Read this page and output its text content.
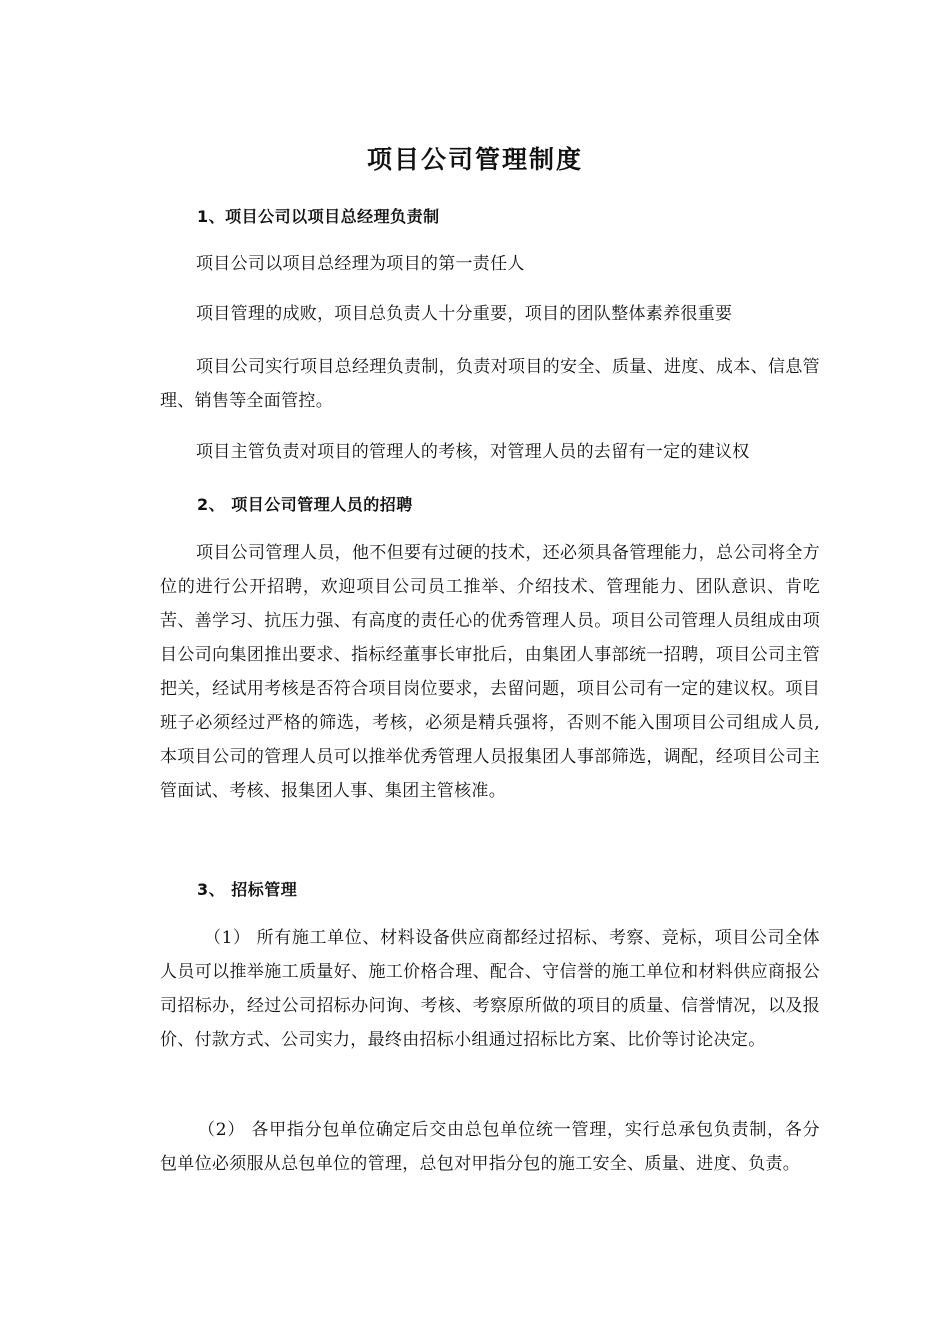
项目公司管理制度
1、项目公司以项目总经理负责制

项目公司以项目总经理为项目的第一责任人

项目管理的成败，项目总负责人十分重要，项目的团队整体素养很重要

项目公司实行项目总经理负责制，负责对项目的安全、质量、进度、成本、信息管理、销售等全面管控。

项目主管负责对项目的管理人的考核，对管理人员的去留有一定的建议权

2、 项目公司管理人员的招聘

项目公司管理人员，他不但要有过硬的技术，还必须具备管理能力，总公司将全方位的进行公开招聘，欢迎项目公司员工推举、介绍技术、管理能力、团队意识、肯吃苦、善学习、抗压力强、有高度的责任心的优秀管理人员。项目公司管理人员组成由项目公司向集团推出要求、指标经董事长审批后，由集团人事部统一招聘，项目公司主管把关，经试用考核是否符合项目岗位要求，去留问题，项目公司有一定的建议权。项目班子必须经过严格的筛选，考核，必须是精兵强将，否则不能入围项目公司组成人员,本项目公司的管理人员可以推举优秀管理人员报集团人事部筛选，调配，经项目公司主管面试、考核、报集团人事、集团主管核准。

3、 招标管理

（1） 所有施工单位、材料设备供应商都经过招标、考察、竞标，项目公司全体人员可以推举施工质量好、施工价格合理、配合、守信誉的施工单位和材料供应商报公司招标办，经过公司招标办问询、考核、考察原所做的项目的质量、信誉情况，以及报价、付款方式、公司实力，最终由招标小组通过招标比方案、比价等讨论决定。

（2） 各甲指分包单位确定后交由总包单位统一管理，实行总承包负责制，各分包单位必须服从总包单位的管理，总包对甲指分包的施工安全、质量、进度、负责。
